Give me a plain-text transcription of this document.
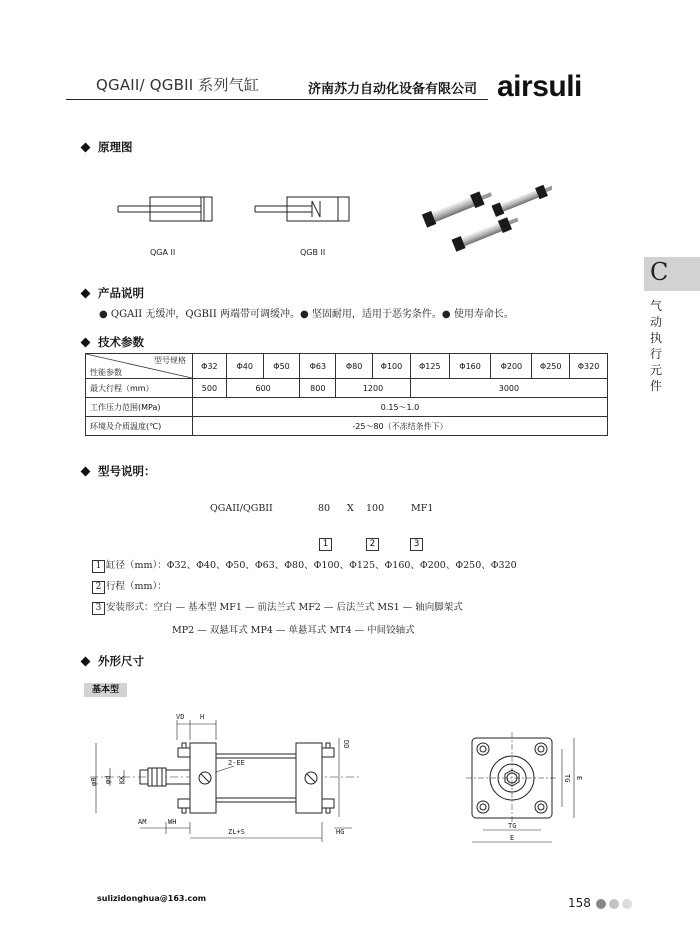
QGAII/ QGBII 系列气缸	济南苏力自动化设备有限公司 airsuli
C
气动执行元件
原理图
QGA II	QGB II
产品说明
● QGAII 无缓冲，QGBII 两端带可调缓冲。● 坚固耐用，适用于恶劣条件。● 使用寿命长。
技术参数
型号规格
性能参数	Φ32	Φ40	Φ50	Φ63	Φ80	Φ100	Φ125	Φ160	Φ200	Φ250	Φ320
最大行程（mm）	500	600		800	1200		3000				
工作压力范围(MPa)	0.15～1.0										
环境及介质温度(℃)	-25～80（不冻结条件下）										
型号说明：
QGAII/QGBII	80 X 100	MF1
1	2	3
1 缸径（mm）：Φ32、Φ40、Φ50、Φ63、Φ80、Φ100、Φ125、Φ160、Φ200、Φ250、Φ320
2 行程（mm）：
3 安装形式：空白 — 基本型 MF1 — 前法兰式 MF2 — 后法兰式 MS1 — 轴向脚架式
MP2 — 双悬耳式 MP4 — 单悬耳式 MT4 — 中间铰轴式
外形尺寸
基本型
VD H
DD
2-EE
φB φd KK
AM	WH
ZL+S	HG
TG
E
TG E
sulizidonghua@163.com	158
